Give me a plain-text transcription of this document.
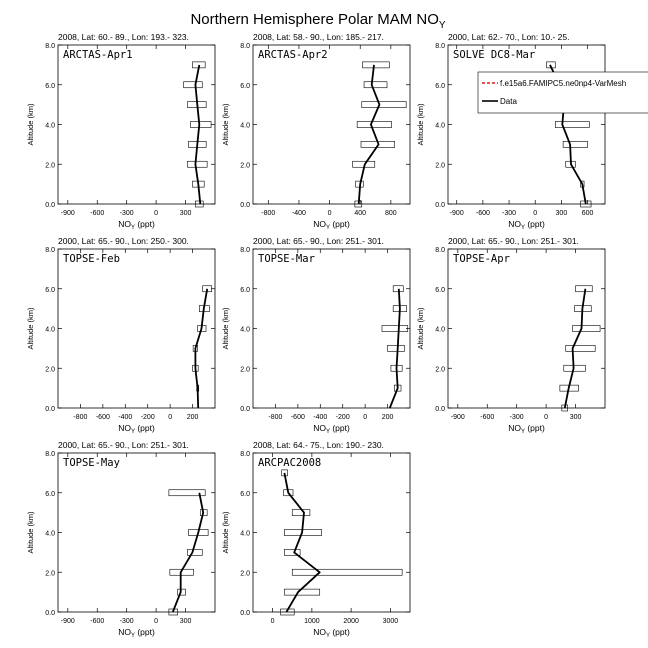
Northern Hemisphere Polar MAM $NO_Y$
2008, Lat: 60.- 89., Lon: 193.- 323.
0.0
2.0
4.0
6.0
8.0
-900 -600 -300	0	300
$NO_Y$ (ppt)
Altitude (km)
ARCTAS-Apr1
2008, Lat: 58.- 90., Lon: 185.- 217.
0.0
2.0
4.0
6.0
8.0
-800 -400	0	400	800
$NO_Y$ (ppt)
Altitude (km)
ARCTAS-Apr2
2000, Lat: 62.- 70., Lon: 10.- 25.
0.0
2.0
4.0
6.0
8.0
-900 -600 -300 0	300 600
$NO_Y$ (ppt)
Altitude (km)
SOLVE DC8-Mar
f.e15a6.FAMIPC5.ne0np4-VarMesh
Data
2000, Lat: 65.- 90., Lon: 250.- 300.
0.0
2.0
4.0
6.0
8.0
-800 -600 -400 -200 0 200
$NO_Y$ (ppt)
Altitude (km)
TOPSE-Feb
2000, Lat: 65.- 90., Lon: 251.- 301.
0.0
2.0
4.0
6.0
8.0
-800 -600 -400 -200 0 200
$NO_Y$ (ppt)
Altitude (km)
TOPSE-Mar
2000, Lat: 65.- 90., Lon: 251.- 301.
0.0
2.0
4.0
6.0
8.0
-900 -600 -300	0	300
$NO_Y$ (ppt)
Altitude (km)
TOPSE-Apr
2000, Lat: 65.- 90., Lon: 251.- 301.
0.0
2.0
4.0
6.0
8.0
-900 -600 -300	0	300
$NO_Y$ (ppt)
Altitude (km)
TOPSE-May
2008, Lat: 64.- 75., Lon: 190.- 230.
0.0
2.0
4.0
6.0
8.0
0	1000	2000	3000
$NO_Y$ (ppt)
Altitude (km)
ARCPAC2008
